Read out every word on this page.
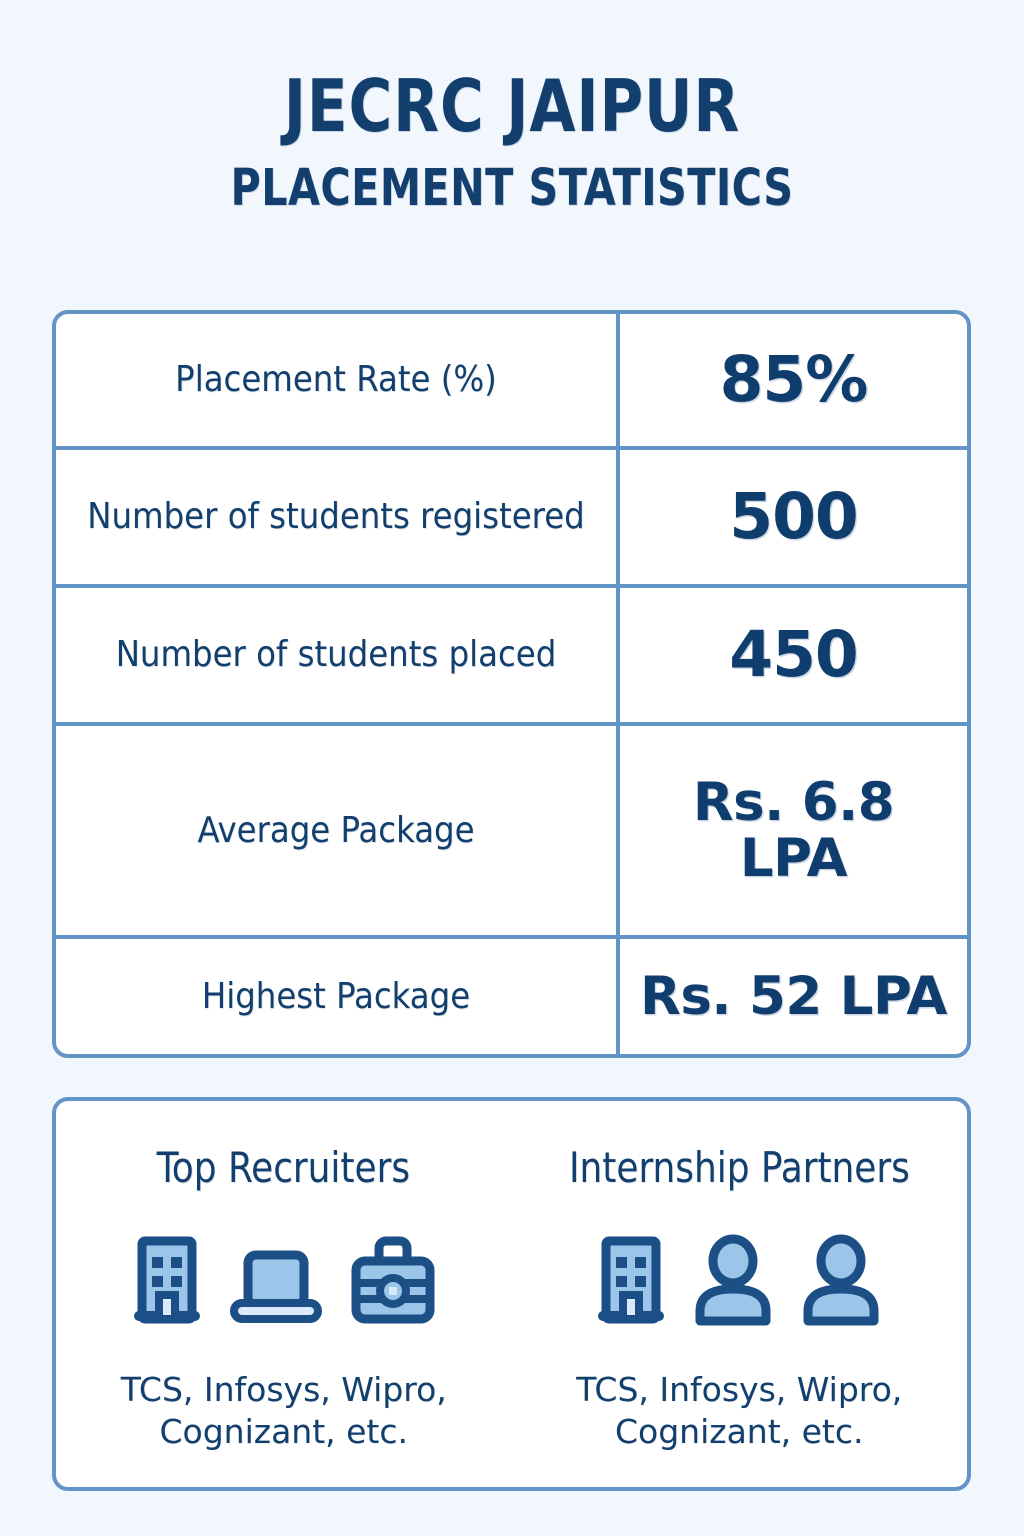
JECRC JAIPUR
PLACEMENT STATISTICS
Placement Rate (%)	85%
Number of students registered	500
Number of students placed	450
Average Package	Rs. 6.8 LPA
Highest Package	Rs. 52 LPA
Top Recruiters
TCS, Infosys, Wipro, Cognizant, etc.
Internship Partners
TCS, Infosys, Wipro, Cognizant, etc.
